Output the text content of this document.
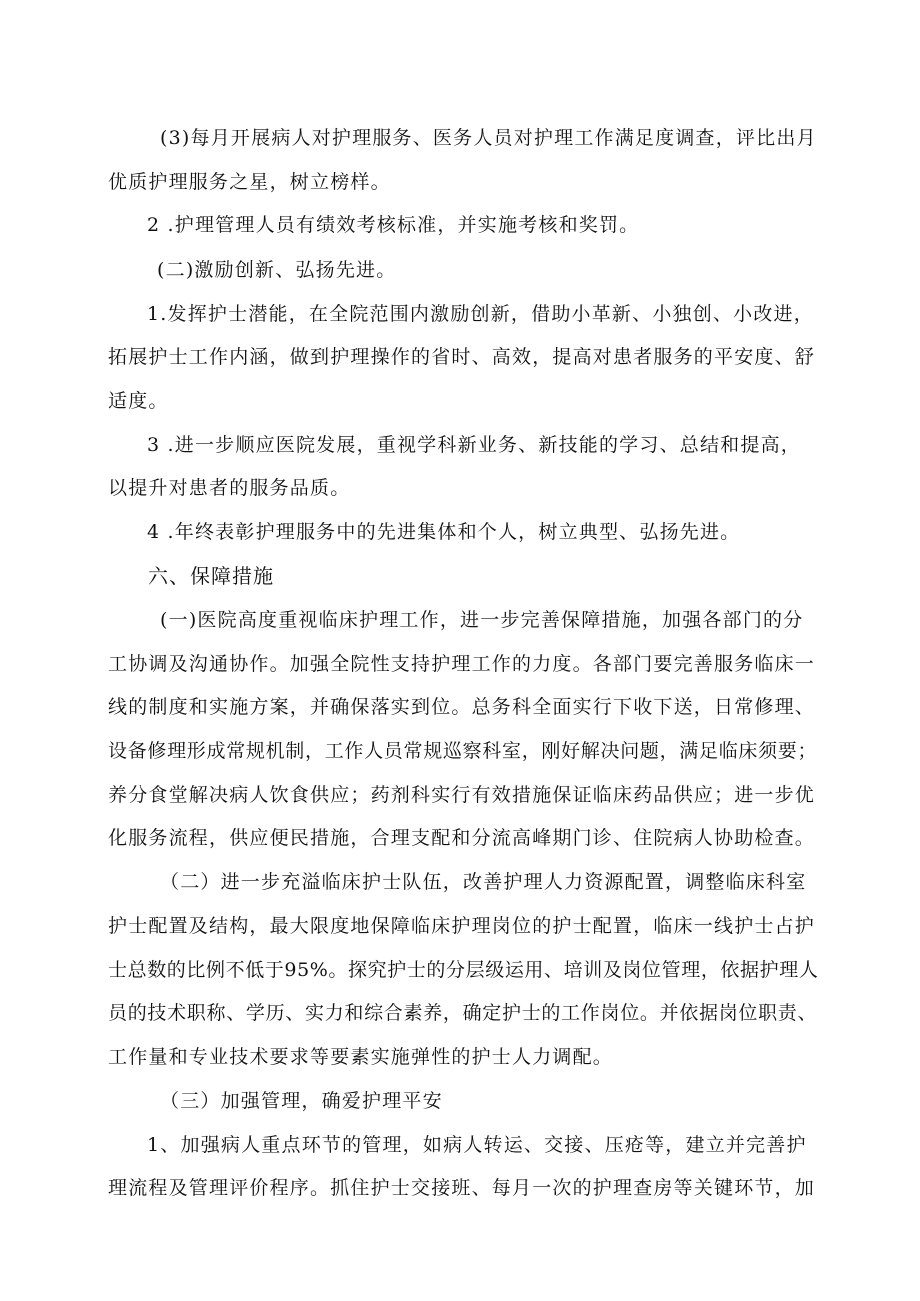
(3)每月开展病人对护理服务、医务人员对护理工作满足度调查，评比出月
优质护理服务之星，树立榜样。
2 .护理管理人员有绩效考核标准，并实施考核和奖罚。
(二)激励创新、弘扬先进。
1.发挥护士潜能，在全院范围内激励创新，借助小革新、小独创、小改进，
拓展护士工作内涵，做到护理操作的省时、高效，提高对患者服务的平安度、舒
适度。
3 .进一步顺应医院发展，重视学科新业务、新技能的学习、总结和提高，
以提升对患者的服务品质。
4 .年终表彰护理服务中的先进集体和个人，树立典型、弘扬先进。
六、保障措施
(一)医院高度重视临床护理工作，进一步完善保障措施，加强各部门的分
工协调及沟通协作。加强全院性支持护理工作的力度。各部门要完善服务临床一
线的制度和实施方案，并确保落实到位。总务科全面实行下收下送，日常修理、
设备修理形成常规机制，工作人员常规巡察科室，刚好解决问题，满足临床须要；
养分食堂解决病人饮食供应；药剂科实行有效措施保证临床药品供应；进一步优
化服务流程，供应便民措施，合理支配和分流高峰期门诊、住院病人协助检查。
（二）进一步充溢临床护士队伍，改善护理人力资源配置，调整临床科室
护士配置及结构，最大限度地保障临床护理岗位的护士配置，临床一线护士占护
士总数的比例不低于95%。探究护士的分层级运用、培训及岗位管理，依据护理人
员的技术职称、学历、实力和综合素养，确定护士的工作岗位。并依据岗位职责、
工作量和专业技术要求等要素实施弹性的护士人力调配。
（三）加强管理，确爱护理平安
1、加强病人重点环节的管理，如病人转运、交接、压疮等，建立并完善护
理流程及管理评价程序。抓住护士交接班、每月一次的护理查房等关键环节，加
